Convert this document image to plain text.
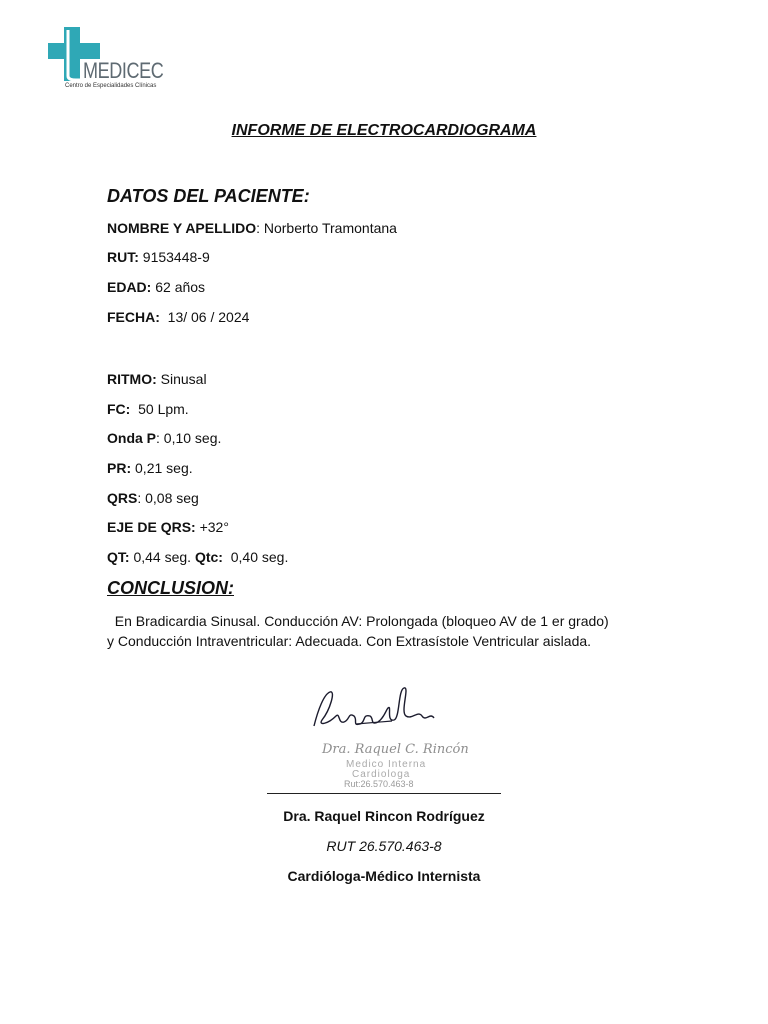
MEDICEC
Centro de Especialidades Clínicas
INFORME DE ELECTROCARDIOGRAMA
DATOS DEL PACIENTE:
NOMBRE Y APELLIDO: Norberto Tramontana
RUT: 9153448-9
EDAD: 62 años
FECHA: 13/ 06 / 2024
RITMO: Sinusal
FC: 50 Lpm.
Onda P: 0,10 seg.
PR: 0,21 seg.
QRS: 0,08 seg
EJE DE QRS: +32°
QT: 0,44 seg. Qtc:  0,40 seg.
CONCLUSION:
En Bradicardia Sinusal. Conducción AV: Prolongada (bloqueo AV de 1 er grado)
y Conducción Intraventricular: Adecuada. Con Extrasístole Ventricular aislada.
Dra. Raquel C. Rincón
Medico Interna
Cardiologa
Rut:26.570.463-8
Dra. Raquel Rincon Rodríguez
RUT 26.570.463-8
Cardióloga-Médico Internista
